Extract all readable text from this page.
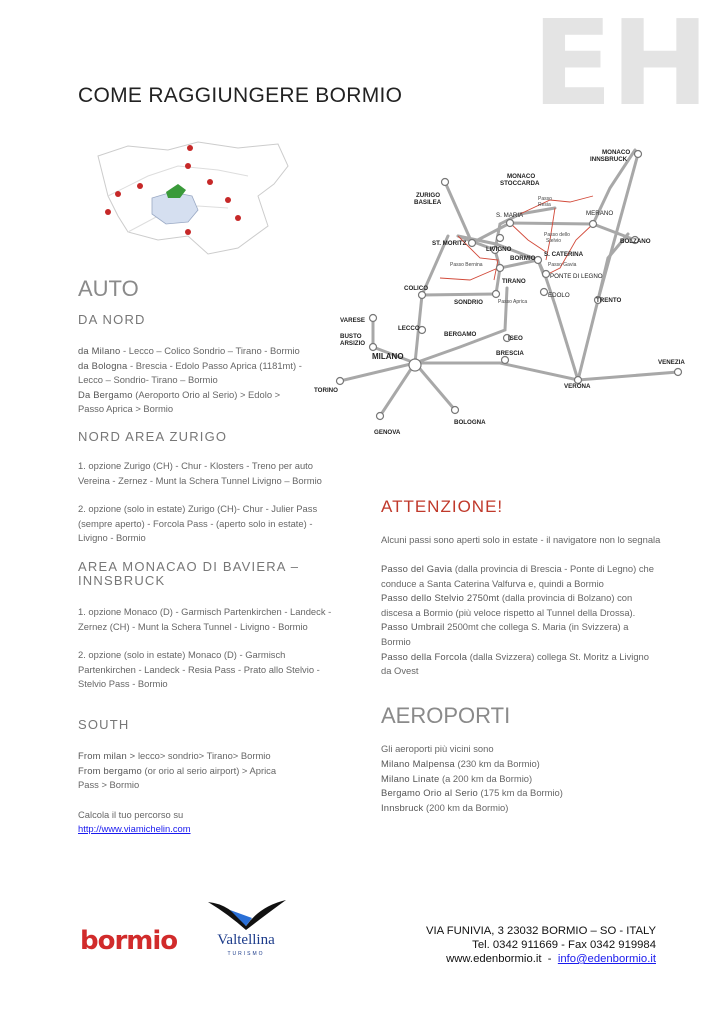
EH
COME RAGGIUNGERE BORMIO
AUTO
DA NORD
da Milano - Lecco – Colico Sondrio – Tirano - Bormio
da Bologna - Brescia - Edolo Passo Aprica (1181mt) -
Lecco – Sondrio- Tirano – Bormio
Da Bergamo (Aeroporto Orio al Serio) > Edolo >
Passo Aprica > Bormio
NORD AREA ZURIGO
1. opzione Zurigo (CH) - Chur - Klosters - Treno per auto
Vereina - Zernez - Munt la Schera Tunnel Livigno – Bormio
2. opzione (solo in estate) Zurigo (CH)- Chur - Julier Pass
(sempre aperto) - Forcola Pass - (aperto solo in estate) -
Livigno - Bormio
AREA MONACAO DI BAVIERA –
INNSBRUCK
1. opzione Monaco (D) - Garmisch Partenkirchen - Landeck -
Zernez (CH) - Munt la Schera Tunnel - Livigno - Bormio
2. opzione (solo in estate) Monaco (D) - Garmisch
Partenkirchen - Landeck - Resia Pass - Prato allo Stelvio -
Stelvio Pass - Bormio
SOUTH
From milan > lecco> sondrio> Tirano> Bormio
From bergamo (or orio al serio airport) > Aprica
Pass > Bormio
Calcola il tuo percorso su
http://www.viamichelin.com
MONACO INNSBRUCK
MONACO STOCCARDA
ZURIGO BASILEA
S. MARIA	MERANO
BOLZANO
ST. MORITZ
LIVIGNO
BORMIO
S. CATERINA
PONTE DI LEGNO
TIRANO
COLICO
SONDRIO
EDOLO
TRENTO
VARESE
LECCO
BERGAMO
ISEO
BUSTO ARSIZIO
MILANO	BRESCIA
VENEZIA
TORINO
VERONA
BOLOGNA
GENOVA
Passo Resia
Passo dello Stelvio
Passo Gavia
Passo Bernina
Passo Aprica
ATTENZIONE!
Alcuni passi sono aperti solo in estate - il navigatore non lo segnala
Passo del Gavia (dalla provincia di Brescia - Ponte di Legno) che
conduce a Santa Caterina Valfurva e, quindi a Bormio
Passo dello Stelvio 2750mt (dalla provincia di Bolzano) con
discesa a Bormio (più veloce rispetto al Tunnel della Drossa).
Passo Umbrail 2500mt che collega S. Maria (in Svizzera) a
Bormio
Passo della Forcola (dalla Svizzera) collega St. Moritz a Livigno
da Ovest
AEROPORTI
Gli aeroporti più vicini sono
Milano Malpensa (230 km da Bormio)
Milano Linate (a 200 km da Bormio)
Bergamo Orio al Serio (175 km da Bormio)
Innsbruck (200 km da Bormio)
bormio	Valtellina
TURISMO
VIA FUNIVIA, 3 23032 BORMIO – SO - ITALY
Tel. 0342 911669 - Fax 0342 919984
www.edenbormio.it  -  info@edenbormio.it
